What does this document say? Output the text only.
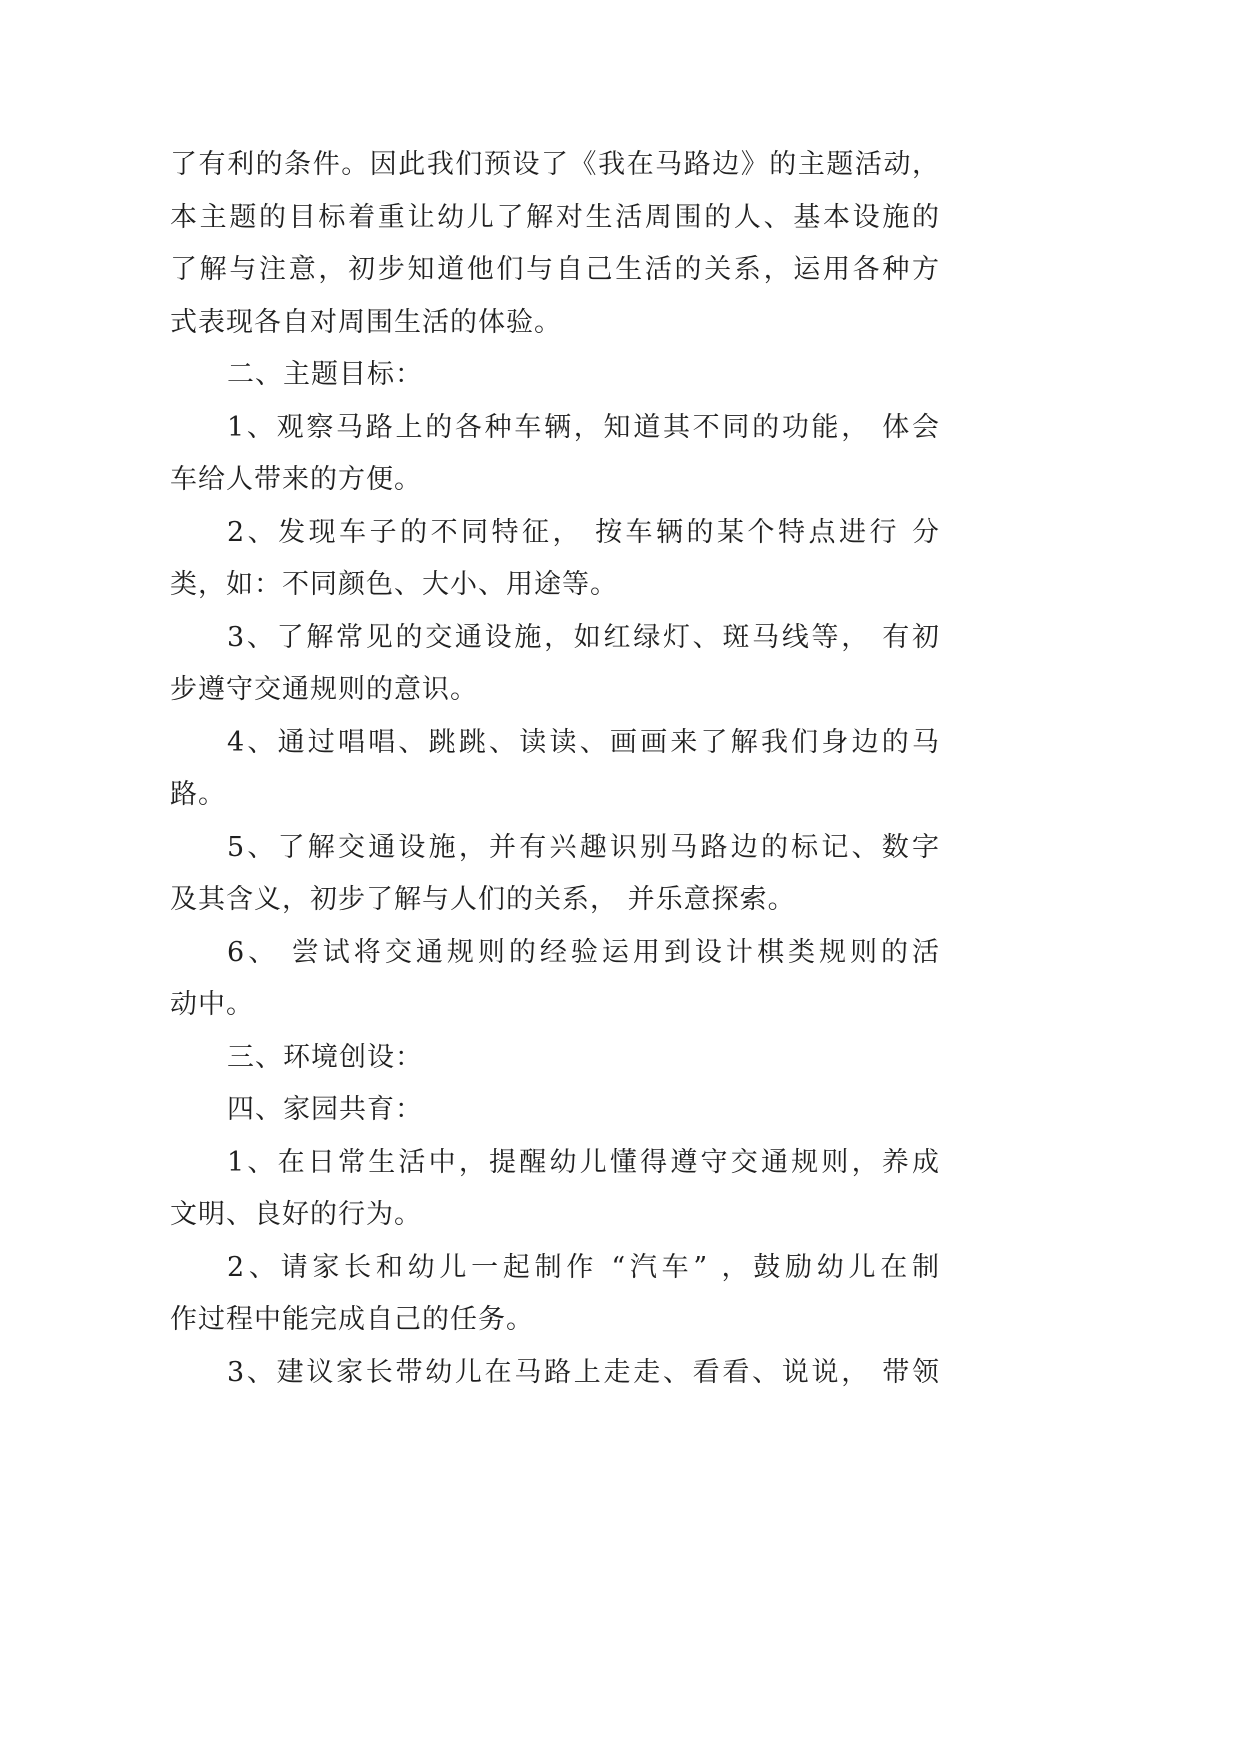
了有利的条件。因此我们预设了《我在马路边》的主题活动，
本主题的目标着重让幼儿了解对生活周围的人、基本设施的
了解与注意，初步知道他们与自己生活的关系，运用各种方
式表现各自对周围生活的体验。
二、主题目标：
1、观察马路上的各种车辆，知道其不同的功能， 体会
车给人带来的方便。
2、发现车子的不同特征， 按车辆的某个特点进行 分
类，如：不同颜色、大小、用途等。
3、了解常见的交通设施，如红绿灯、斑马线等， 有初
步遵守交通规则的意识。
4、通过唱唱、跳跳、读读、画画来了解我们身边的马
路。
5、了解交通设施，并有兴趣识别马路边的标记、数字
及其含义，初步了解与人们的关系， 并乐意探索。
6、 尝试将交通规则的经验运用到设计棋类规则的活
动中。
三、环境创设：
四、家园共育：
1、在日常生活中，提醒幼儿懂得遵守交通规则，养成
文明、良好的行为。
2、请家长和幼儿一起制作 “汽车” ，鼓励幼儿在制
作过程中能完成自己的任务。
3、建议家长带幼儿在马路上走走、看看、说说， 带领
